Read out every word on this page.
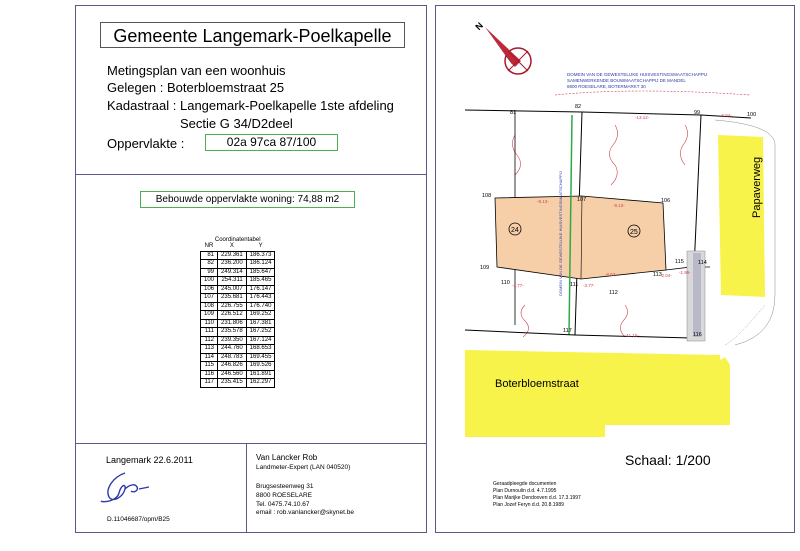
Gemeente Langemark-Poelkapelle
Metingsplan van een woonhuis
Gelegen : Boterbloemstraat 25
Kadastraal : Langemark-Poelkapelle 1ste afdeling
Sectie G 34/D2deel
Oppervlakte :	02a 97ca 87/100
Bebouwde oppervlakte woning: 74,88 m2
Coordinatentabel
NR	X	Y
81	229.361	186.373
82	236.200	186.124
99	249.314	185.647
100	254.311	185.465
106	245.007	176.147
107	235.681	176.443
108	226.755	176.740
109	226.512	169.252
110	231.806	167.381
111	235.578	167.252
112	239.350	167.124
113	244.760	168.653
114	248.783	169.455
115	246.826	169.526
116	246.560	161.891
117	235.415	162.297
Langemark 22.6.2011
D.11046687/opm/B25
Van Lancker Rob
Landmeter-Expert (LAN 040520)
Brugsesteenweg 31
8800 ROESELARE
Tel. 0475.74.10.67
email : rob.vanlancker@skynet.be
N
DOMEIN VAN DE GEWESTELIJKE HUISVESTINGSMAATSCHAPPIJ
SAMENWERKENDE BOUWMAATSCHAPPIJ DE MANDEL
8800 ROESELARE, BOTERMARKT 30
24	25
DOMEIN VAN DE GEWESTELIJKE HUISVESTINGSMAATSCHAPPIJ	Papaverweg
Boterbloemstraat
81
82
99	100
106
107
108
109
110	111
112
113
114
115
116
117
-6.84-
-13.12-
-9.13-
-9.13-
-3.77-	-3.77-
-2.04-
-1.96-
-11.15-
-8.63-
Schaal: 1/200
Geraadpleegde documenten
Plan Durnoulin d.d. 4.7.1995
Plan Marijke Dendooven d.d. 17.3.1997
Plan Jozef Feryn d.d. 20.8.1989
